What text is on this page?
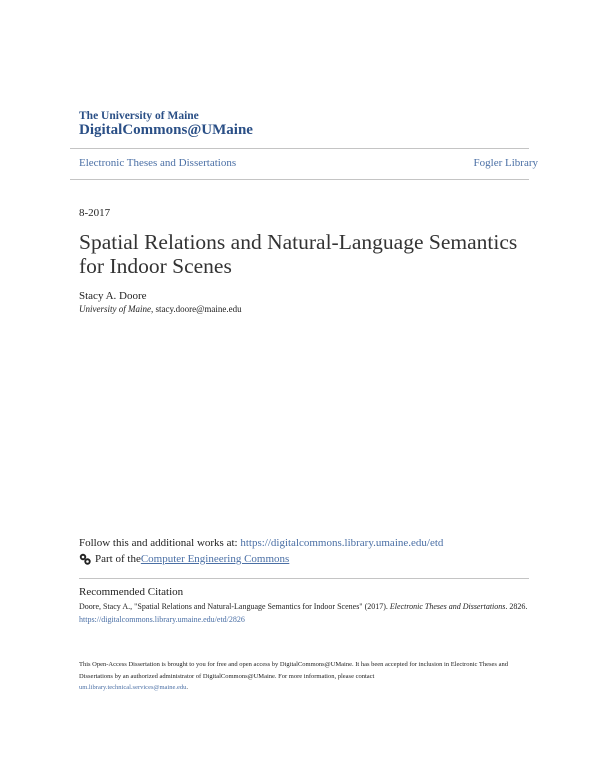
The University of Maine
DigitalCommons@UMaine
Electronic Theses and Dissertations	Fogler Library
8-2017
Spatial Relations and Natural-Language Semantics for Indoor Scenes
Stacy A. Doore
University of Maine, stacy.doore@maine.edu
Follow this and additional works at: https://digitalcommons.library.umaine.edu/etd
Part of the Computer Engineering Commons
Recommended Citation
Doore, Stacy A., "Spatial Relations and Natural-Language Semantics for Indoor Scenes" (2017). Electronic Theses and Dissertations. 2826.
https://digitalcommons.library.umaine.edu/etd/2826
This Open-Access Dissertation is brought to you for free and open access by DigitalCommons@UMaine. It has been accepted for inclusion in Electronic Theses and Dissertations by an authorized administrator of DigitalCommons@UMaine. For more information, please contact
um.library.technical.services@maine.edu.
